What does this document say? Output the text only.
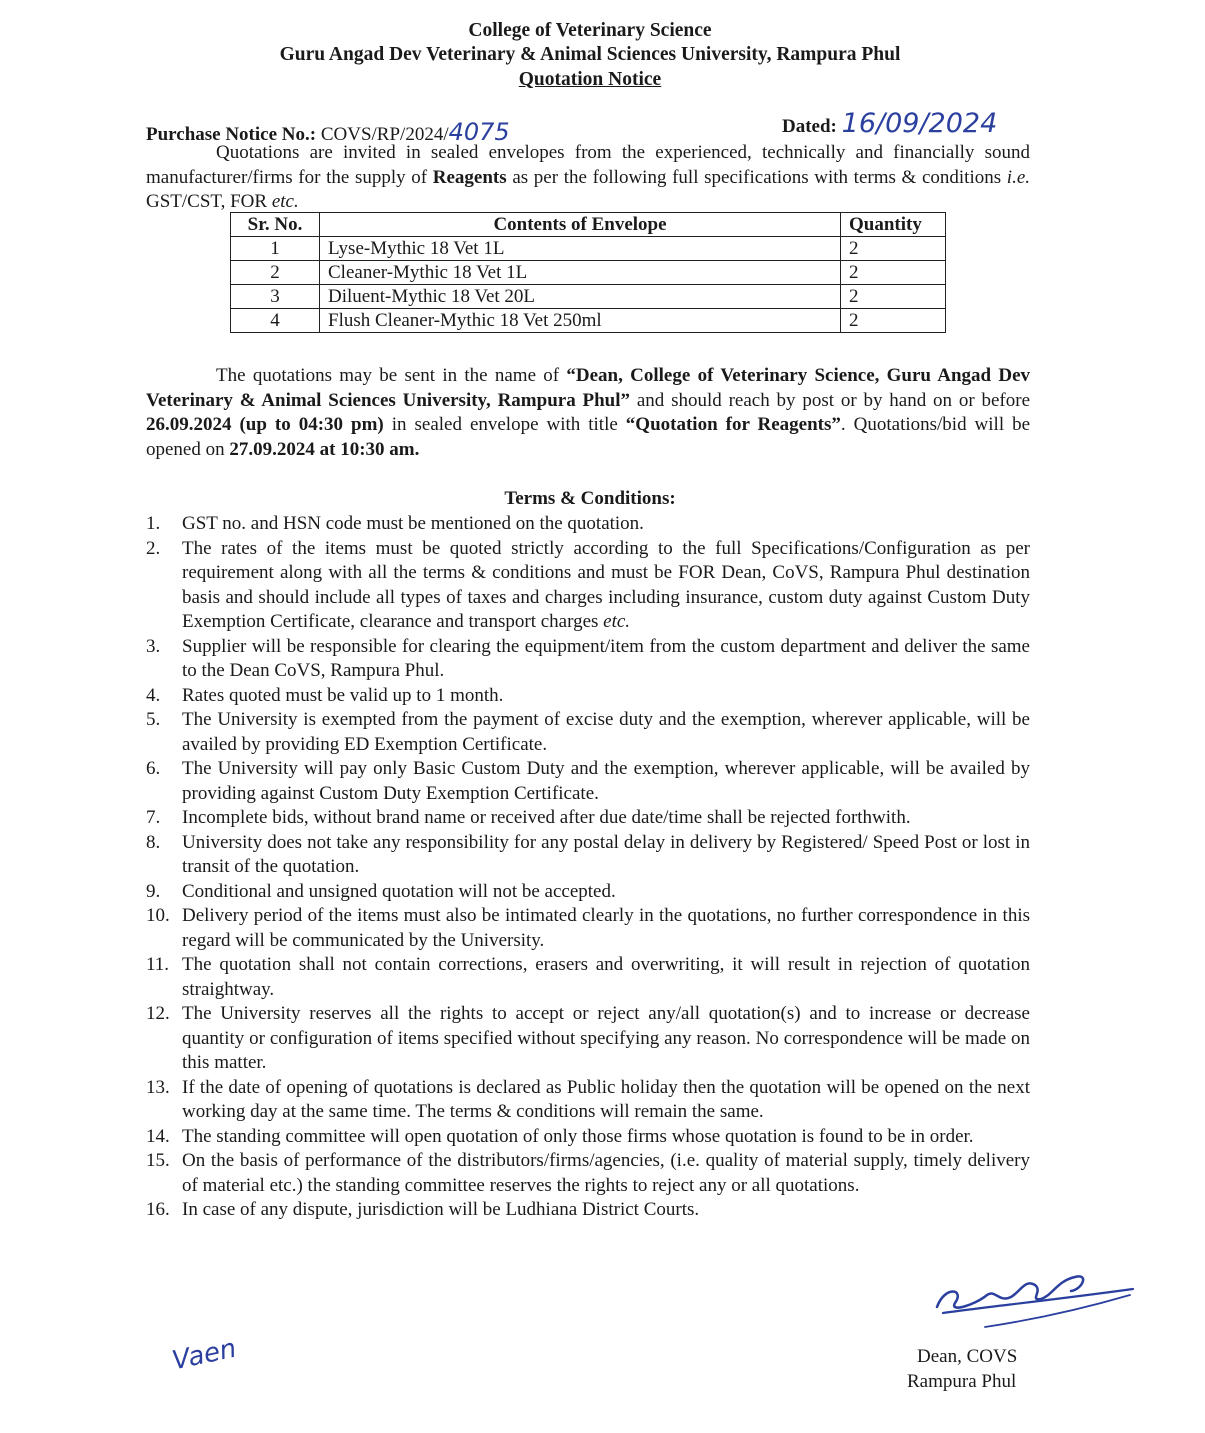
College of Veterinary Science
Guru Angad Dev Veterinary & Animal Sciences University, Rampura Phul
Quotation Notice
Purchase Notice No.: COVS/RP/2024/4075	Dated: 16/09/2024
Quotations are invited in sealed envelopes from the experienced, technically and financially sound manufacturer/firms for the supply of Reagents as per the following full specifications with terms & conditions i.e. GST/CST, FOR etc.
Sr. No.	Contents of Envelope	Quantity
1	Lyse-Mythic 18 Vet 1L	2
2	Cleaner-Mythic 18 Vet 1L	2
3	Diluent-Mythic 18 Vet 20L	2
4	Flush Cleaner-Mythic 18 Vet 250ml	2
The quotations may be sent in the name of “Dean, College of Veterinary Science, Guru Angad Dev Veterinary & Animal Sciences University, Rampura Phul” and should reach by post or by hand on or before 26.09.2024 (up to 04:30 pm) in sealed envelope with title “Quotation for Reagents”. Quotations/bid will be opened on 27.09.2024 at 10:30 am.
Terms & Conditions:
1.	GST no. and HSN code must be mentioned on the quotation.
2.	The rates of the items must be quoted strictly according to the full Specifications/Configuration as per requirement along with all the terms & conditions and must be FOR Dean, CoVS, Rampura Phul destination basis and should include all types of taxes and charges including insurance, custom duty against Custom Duty Exemption Certificate, clearance and transport charges etc.
3.	Supplier will be responsible for clearing the equipment/item from the custom department and deliver the same to the Dean CoVS, Rampura Phul.
4.	Rates quoted must be valid up to 1 month.
5.	The University is exempted from the payment of excise duty and the exemption, wherever applicable, will be availed by providing ED Exemption Certificate.
6.	The University will pay only Basic Custom Duty and the exemption, wherever applicable, will be availed by providing against Custom Duty Exemption Certificate.
7.	Incomplete bids, without brand name or received after due date/time shall be rejected forthwith.
8.	University does not take any responsibility for any postal delay in delivery by Registered/ Speed Post or lost in transit of the quotation.
9.	Conditional and unsigned quotation will not be accepted.
10. Delivery period of the items must also be intimated clearly in the quotations, no further correspondence in this regard will be communicated by the University.
11. The quotation shall not contain corrections, erasers and overwriting, it will result in rejection of quotation straightway.
12. The University reserves all the rights to accept or reject any/all quotation(s) and to increase or decrease quantity or configuration of items specified without specifying any reason. No correspondence will be made on this matter.
13. If the date of opening of quotations is declared as Public holiday then the quotation will be opened on the next working day at the same time. The terms & conditions will remain the same.
14. The standing committee will open quotation of only those firms whose quotation is found to be in order.
15. On the basis of performance of the distributors/firms/agencies, (i.e. quality of material supply, timely delivery of material etc.) the standing committee reserves the rights to reject any or all quotations.
16. In case of any dispute, jurisdiction will be Ludhiana District Courts.
Dean, COVS
Rampura Phul
Vaen
